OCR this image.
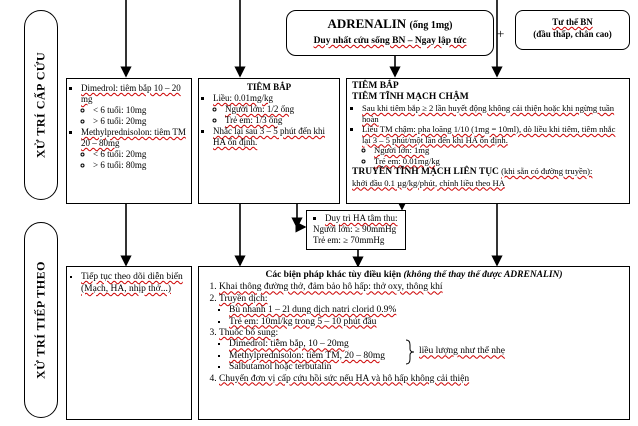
ADRENALIN (ống 1mg)
Duy nhất cứu sống BN – Ngay lập tức	+
Tư thế BN
(đầu thấp, chân cao)
XỬ TRÍ CẤP CỨU
XỬ TRÍ TIẾP THEO
▪ Dimedrol: tiêm bắp 10 – 20 mg
◦ < 6 tuổi: 10mg
◦ > 6 tuổi: 20mg
▪ Methylprednisolon: tiêm TM 20 – 80mg
◦ < 6 tuổi: 20mg
◦ > 6 tuổi: 80mg
TIÊM BẮP
▪ Liều: 0.01mg/kg
◦ Người lớn: 1/2 ống
◦ Trẻ em: 1/3 ống
▪ Nhắc lại sau 3 – 5 phút đến khi HA ổn định.
TIÊM BẮP
TIÊM TĨNH MẠCH CHẬM
▪ Sau khi tiêm bắp ≥ 2 lần huyết động không cải thiện hoặc khi ngừng tuần hoàn
▪ Liều TM chậm: pha loãng 1/10 (1mg = 10ml), dò liều khi tiêm, tiêm nhắc lại 3 – 5 phút/một lần đến khi HA ổn định.
◦ Người lớn: 1mg
◦ Trẻ em: 0.01mg/kg
TRUYỀN TĨNH MẠCH LIÊN TỤC (khi sẵn có đường truyền):
khởi đầu 0.1 µg/kg/phút, chỉnh liều theo HA
▪ Duy trì HA tâm thu:
Người lớn: ≥ 90mmHg
Trẻ em: ≥ 70mmHg
▪ Tiếp tục theo dõi diễn biến (Mạch, HA, nhịp thở...)
Các biện pháp khác tùy điều kiện (không thể thay thế được ADRENALIN)
1. Khai thông đường thở, đảm bảo hô hấp: thở oxy, thông khí
2. Truyền dịch:
▪ Bù nhanh 1 – 2l dung dịch natri clorid 0.9%
▪ Trẻ em: 10ml/kg trong 5 – 10 phút đầu
3. Thuốc bổ sung:
▪ Dimedrol: tiêm bắp, 10 – 20mg
▪ Methylprednisolon: tiêm TM, 20 – 80mg
▪ Salbutamol hoặc terbutalin
liều lượng như thể nhẹ
4. Chuyển đơn vị cấp cứu hồi sức nếu HA và hô hấp không cải thiện
